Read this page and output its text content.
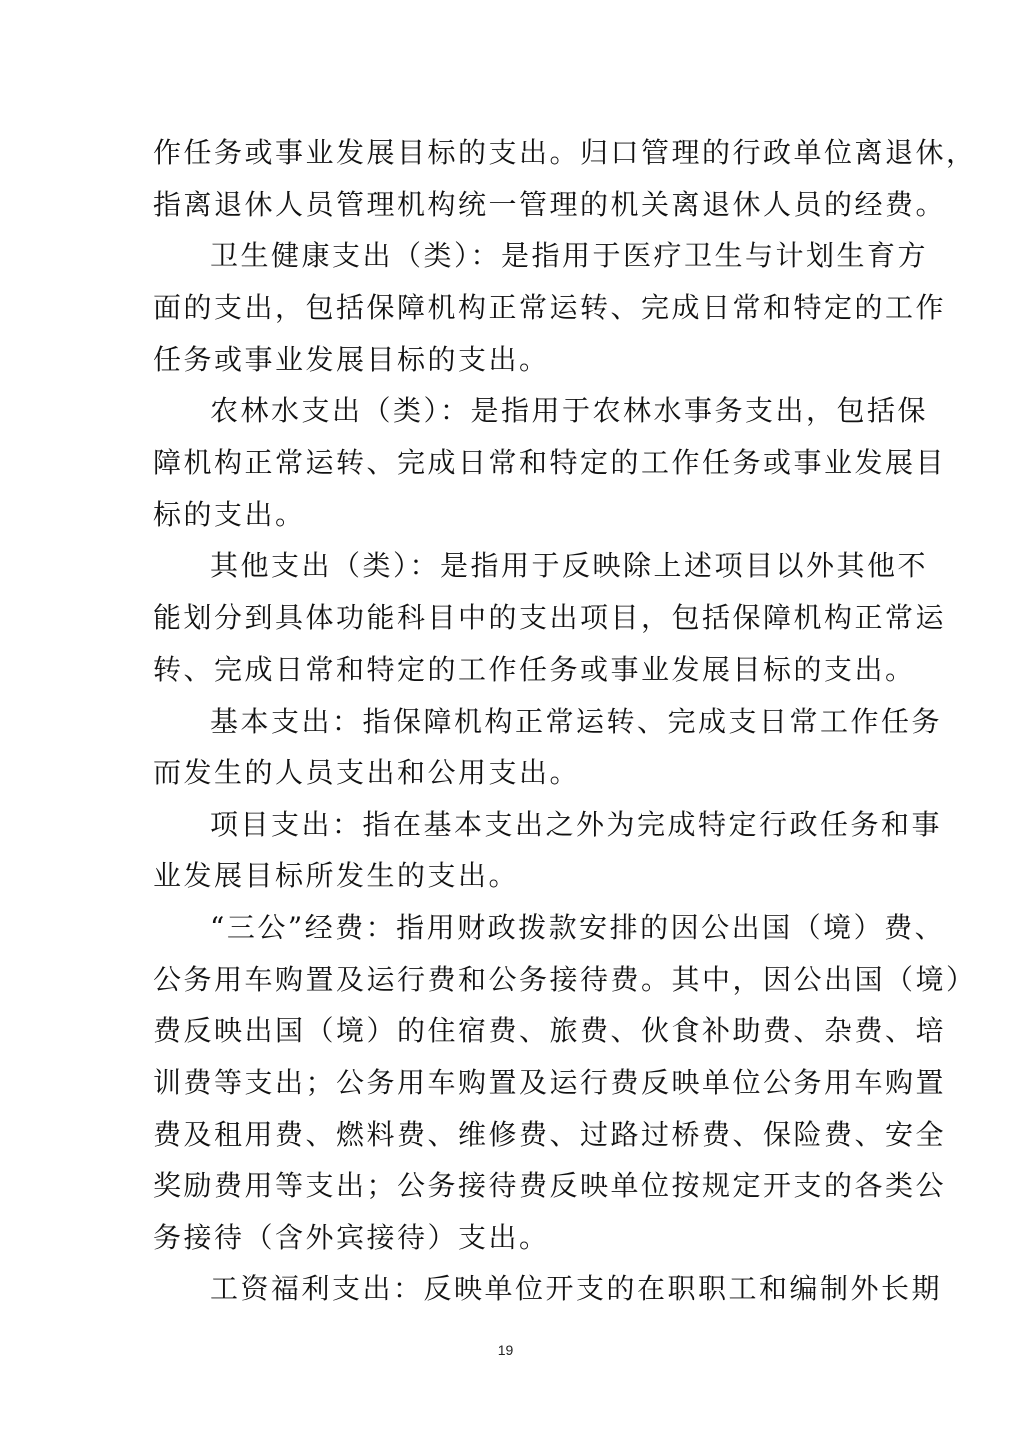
作任务或事业发展目标的支出。归口管理的行政单位离退休，
指离退休人员管理机构统一管理的机关离退休人员的经费。
卫生健康支出（类）：是指用于医疗卫生与计划生育方
面的支出，包括保障机构正常运转、完成日常和特定的工作
任务或事业发展目标的支出。
农林水支出（类）：是指用于农林水事务支出，包括保
障机构正常运转、完成日常和特定的工作任务或事业发展目
标的支出。
其他支出（类）：是指用于反映除上述项目以外其他不
能划分到具体功能科目中的支出项目，包括保障机构正常运
转、完成日常和特定的工作任务或事业发展目标的支出。
基本支出：指保障机构正常运转、完成支日常工作任务
而发生的人员支出和公用支出。
项目支出：指在基本支出之外为完成特定行政任务和事
业发展目标所发生的支出。
“三公”经费：指用财政拨款安排的因公出国（境）费、
公务用车购置及运行费和公务接待费。其中，因公出国（境）
费反映出国（境）的住宿费、旅费、伙食补助费、杂费、培
训费等支出；公务用车购置及运行费反映单位公务用车购置
费及租用费、燃料费、维修费、过路过桥费、保险费、安全
奖励费用等支出；公务接待费反映单位按规定开支的各类公
务接待（含外宾接待）支出。
工资福利支出：反映单位开支的在职职工和编制外长期
19
